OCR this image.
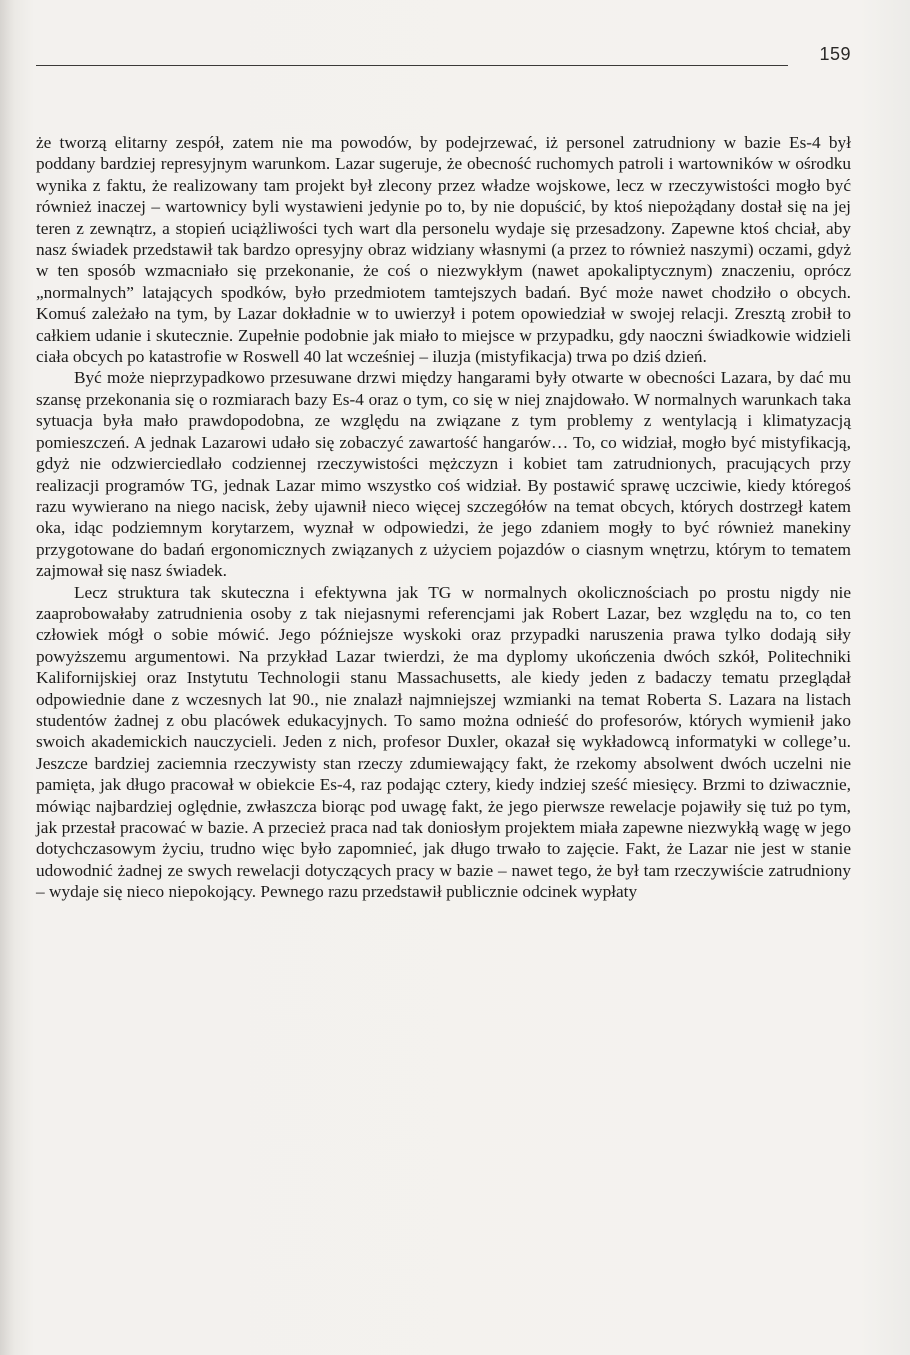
159

że tworzą elitarny zespół, zatem nie ma powodów, by podejrzewać, iż personel zatrudniony w bazie Es-4 był poddany bardziej represyjnym warunkom. Lazar sugeruje, że obecność ruchomych patroli i wartowników w ośrodku wynika z faktu, że realizowany tam projekt był zlecony przez władze wojskowe, lecz w rzeczywistości mogło być również inaczej – wartownicy byli wystawieni jedynie po to, by nie dopuścić, by ktoś niepożądany dostał się na jej teren z zewnątrz, a stopień uciążliwości tych wart dla personelu wydaje się przesadzony. Zapewne ktoś chciał, aby nasz świadek przedstawił tak bardzo opresyjny obraz widziany własnymi (a przez to również naszymi) oczami, gdyż w ten sposób wzmacniało się przekonanie, że coś o niezwykłym (nawet apokaliptycznym) znaczeniu, oprócz „normalnych” latających spodków, było przedmiotem tamtejszych badań. Być może nawet chodziło o obcych. Komuś zależało na tym, by Lazar dokładnie w to uwierzył i potem opowiedział w swojej relacji. Zresztą zrobił to całkiem udanie i skutecznie. Zupełnie podobnie jak miało to miejsce w przypadku, gdy naoczni świadkowie widzieli ciała obcych po katastrofie w Roswell 40 lat wcześniej – iluzja (mistyfikacja) trwa po dziś dzień.

Być może nieprzypadkowo przesuwane drzwi między hangarami były otwarte w obecności Lazara, by dać mu szansę przekonania się o rozmiarach bazy Es-4 oraz o tym, co się w niej znajdowało. W normalnych warunkach taka sytuacja była mało prawdopodobna, ze względu na związane z tym problemy z wentylacją i klimatyzacją pomieszczeń. A jednak Lazarowi udało się zobaczyć zawartość hangarów… To, co widział, mogło być mistyfikacją, gdyż nie odzwierciedlało codziennej rzeczywistości mężczyzn i kobiet tam zatrudnionych, pracujących przy realizacji programów TG, jednak Lazar mimo wszystko coś widział. By postawić sprawę uczciwie, kiedy któregoś razu wywierano na niego nacisk, żeby ujawnił nieco więcej szczegółów na temat obcych, których dostrzegł katem oka, idąc podziemnym korytarzem, wyznał w odpowiedzi, że jego zdaniem mogły to być również manekiny przygotowane do badań ergonomicznych związanych z użyciem pojazdów o ciasnym wnętrzu, którym to tematem zajmował się nasz świadek.

Lecz struktura tak skuteczna i efektywna jak TG w normalnych okolicznościach po prostu nigdy nie zaaprobowałaby zatrudnienia osoby z tak niejasnymi referencjami jak Robert Lazar, bez względu na to, co ten człowiek mógł o sobie mówić. Jego późniejsze wyskoki oraz przypadki naruszenia prawa tylko dodają siły powyższemu argumentowi. Na przykład Lazar twierdzi, że ma dyplomy ukończenia dwóch szkół, Politechniki Kalifornijskiej oraz Instytutu Technologii stanu Massachusetts, ale kiedy jeden z badaczy tematu przeglądał odpowiednie dane z wczesnych lat 90., nie znalazł najmniejszej wzmianki na temat Roberta S. Lazara na listach studentów żadnej z obu placówek edukacyjnych. To samo można odnieść do profesorów, których wymienił jako swoich akademickich nauczycieli. Jeden z nich, profesor Duxler, okazał się wykładowcą informatyki w college’u. Jeszcze bardziej zaciemnia rzeczywisty stan rzeczy zdumiewający fakt, że rzekomy absolwent dwóch uczelni nie pamięta, jak długo pracował w obiekcie Es-4, raz podając cztery, kiedy indziej sześć miesięcy. Brzmi to dziwacznie, mówiąc najbardziej oględnie, zwłaszcza biorąc pod uwagę fakt, że jego pierwsze rewelacje pojawiły się tuż po tym, jak przestał pracować w bazie. A przecież praca nad tak doniosłym projektem miała zapewne niezwykłą wagę w jego dotychczasowym życiu, trudno więc było zapomnieć, jak długo trwało to zajęcie. Fakt, że Lazar nie jest w stanie udowodnić żadnej ze swych rewelacji dotyczących pracy w bazie – nawet tego, że był tam rzeczywiście zatrudniony – wydaje się nieco niepokojący. Pewnego razu przedstawił publicznie odcinek wypłaty
